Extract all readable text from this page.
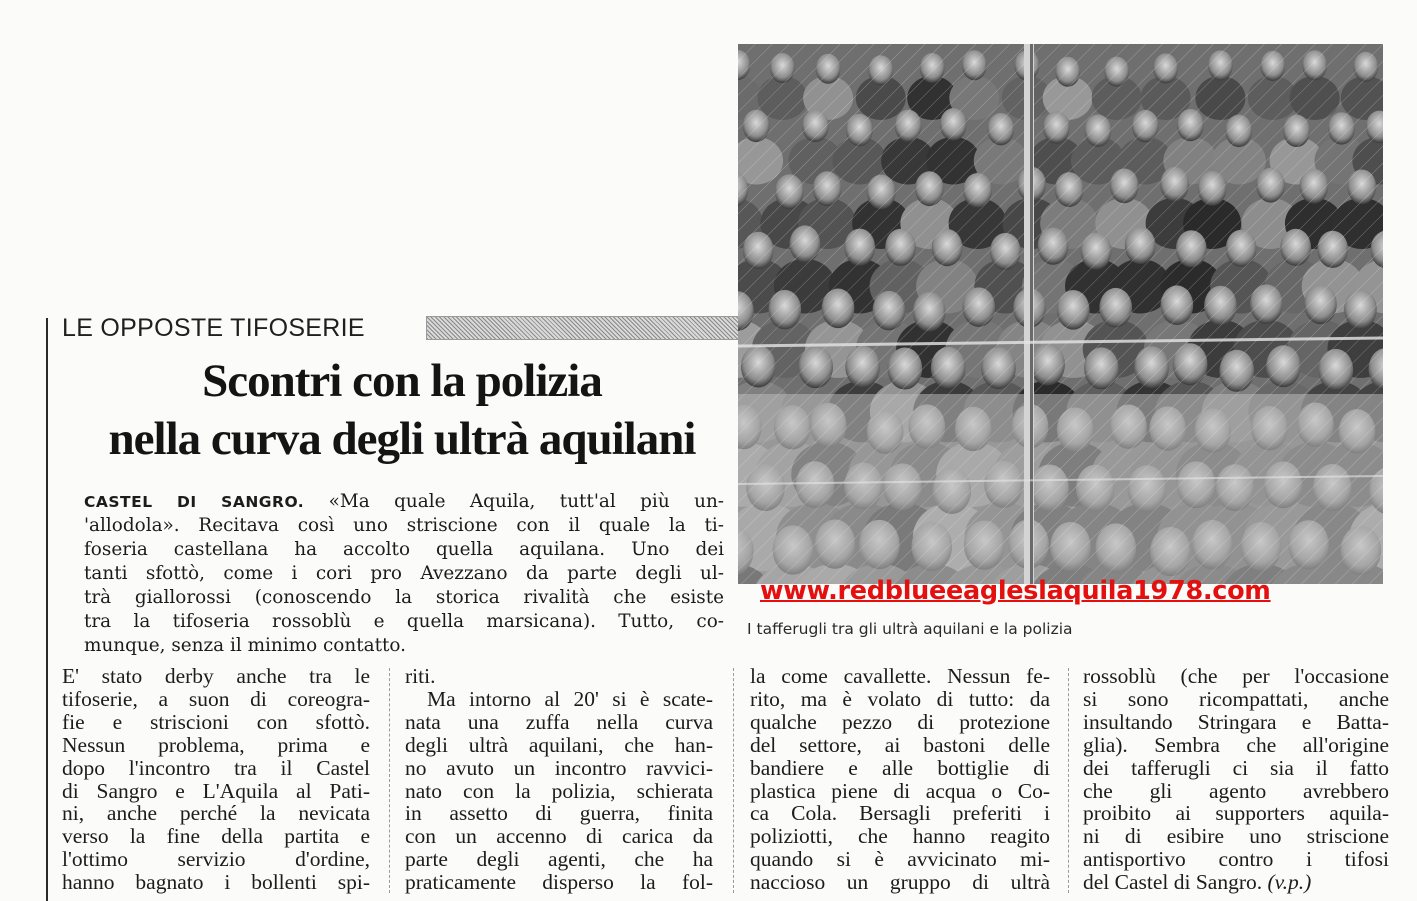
LE OPPOSTE TIFOSERIE
Scontri con la polizia
nella curva degli ultrà aquilani
CASTEL DI SANGRO. «Ma quale Aquila, tutt'al più un-
'allodola». Recitava così uno striscione con il quale la ti-
foseria castellana ha accolto quella aquilana. Uno dei
tanti sfottò, come i cori pro Avezzano da parte degli ul-
trà giallorossi (conoscendo la storica rivalità che esiste
tra la tifoseria rossoblù e quella marsicana). Tutto, co-
munque, senza il minimo contatto.
E' stato derby anche tra le
tifoserie, a suon di coreogra-
fie e striscioni con sfottò.
Nessun problema, prima e
dopo l'incontro tra il Castel
di Sangro e L'Aquila al Pati-
ni, anche perché la nevicata
verso la fine della partita e
l'ottimo servizio d'ordine,
hanno bagnato i bollenti spi-
riti.
Ma intorno al 20' si è scate-
nata una zuffa nella curva
degli ultrà aquilani, che han-
no avuto un incontro ravvici-
nato con la polizia, schierata
in assetto di guerra, finita
con un accenno di carica da
parte degli agenti, che ha
praticamente disperso la fol-
la come cavallette. Nessun fe-
rito, ma è volato di tutto: da
qualche pezzo di protezione
del settore, ai bastoni delle
bandiere e alle bottiglie di
plastica piene di acqua o Co-
ca Cola. Bersagli preferiti i
poliziotti, che hanno reagito
quando si è avvicinato mi-
naccioso un gruppo di ultrà
rossoblù (che per l'occasione
si sono ricompattati, anche
insultando Stringara e Batta-
glia). Sembra che all'origine
dei tafferugli ci sia il fatto
che gli agento avrebbero
proibito ai supporters aquila-
ni di esibire uno striscione
antisportivo contro i tifosi
del Castel di Sangro. (v.p.)
www.redblueeagleslaquila1978.com
I tafferugli tra gli ultrà aquilani e la polizia
